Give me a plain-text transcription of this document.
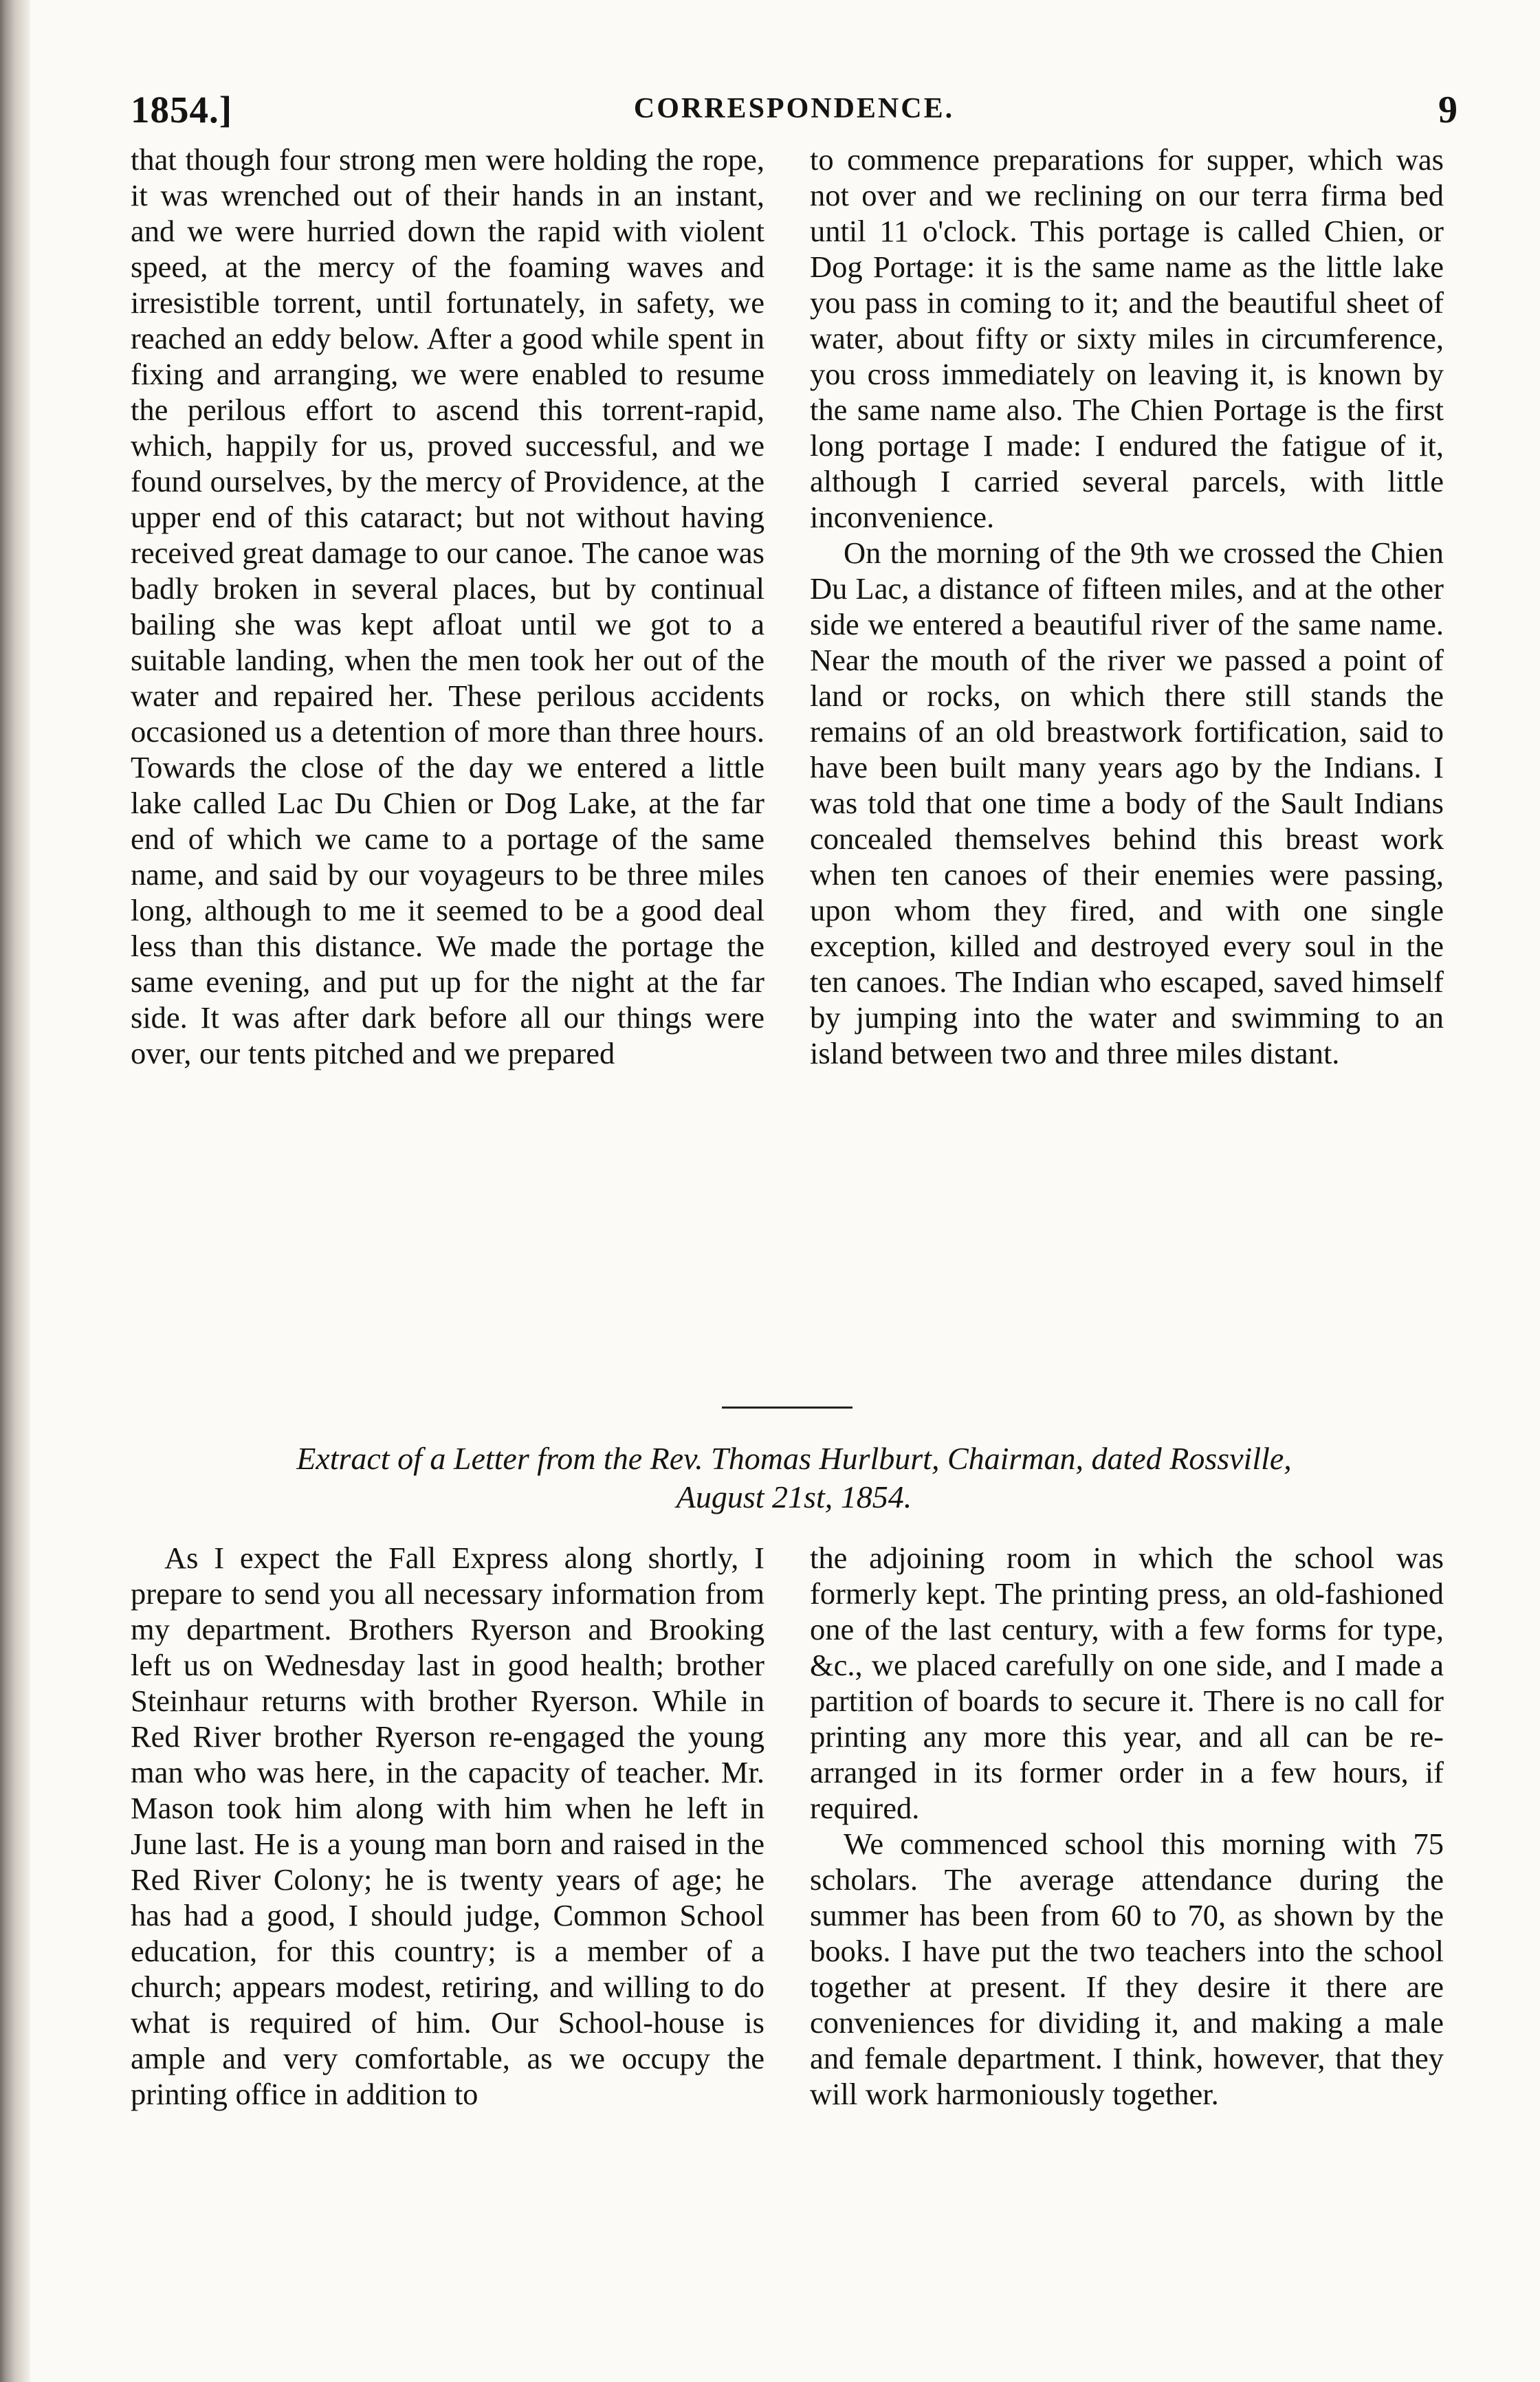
1854.]	CORRESPONDENCE.	9

that though four strong men were holding the rope, it was wrenched out of their hands in an instant, and we were hurried down the rapid with violent speed, at the mercy of the foaming waves and irresistible torrent, until fortunately, in safety, we reached an eddy below. After a good while spent in fixing and arranging, we were enabled to resume the perilous effort to ascend this torrent-rapid, which, happily for us, proved successful, and we found ourselves, by the mercy of Providence, at the upper end of this cataract; but not without having received great damage to our canoe. The canoe was badly broken in several places, but by continual bailing she was kept afloat until we got to a suitable landing, when the men took her out of the water and repaired her. These perilous accidents occasioned us a detention of more than three hours. Towards the close of the day we entered a little lake called Lac Du Chien or Dog Lake, at the far end of which we came to a portage of the same name, and said by our voyageurs to be three miles long, although to me it seemed to be a good deal less than this distance. We made the portage the same evening, and put up for the night at the far side. It was after dark before all our things were over, our tents pitched and we prepared

to commence preparations for supper, which was not over and we reclining on our terra firma bed until 11 o'clock. This portage is called Chien, or Dog Portage: it is the same name as the little lake you pass in coming to it; and the beautiful sheet of water, about fifty or sixty miles in circumference, you cross immediately on leaving it, is known by the same name also. The Chien Portage is the first long portage I made: I endured the fatigue of it, although I carried several parcels, with little inconvenience.

On the morning of the 9th we crossed the Chien Du Lac, a distance of fifteen miles, and at the other side we entered a beautiful river of the same name. Near the mouth of the river we passed a point of land or rocks, on which there still stands the remains of an old breastwork fortification, said to have been built many years ago by the Indians. I was told that one time a body of the Sault Indians concealed themselves behind this breast work when ten canoes of their enemies were passing, upon whom they fired, and with one single exception, killed and destroyed every soul in the ten canoes. The Indian who escaped, saved himself by jumping into the water and swimming to an island between two and three miles distant.

Extract of a Letter from the Rev. Thomas Hurlburt, Chairman, dated Rossville,
August 21st, 1854.

As I expect the Fall Express along shortly, I prepare to send you all necessary information from my department. Brothers Ryerson and Brooking left us on Wednesday last in good health; brother Steinhaur returns with brother Ryerson. While in Red River brother Ryerson re-engaged the young man who was here, in the capacity of teacher. Mr. Mason took him along with him when he left in June last. He is a young man born and raised in the Red River Colony; he is twenty years of age; he has had a good, I should judge, Common School education, for this country; is a member of a church; appears modest, retiring, and willing to do what is required of him. Our School-house is ample and very comfortable, as we occupy the printing office in addition to

the adjoining room in which the school was formerly kept. The printing press, an old-fashioned one of the last century, with a few forms for type, &c., we placed carefully on one side, and I made a partition of boards to secure it. There is no call for printing any more this year, and all can be re-arranged in its former order in a few hours, if required.

We commenced school this morning with 75 scholars. The average attendance during the summer has been from 60 to 70, as shown by the books. I have put the two teachers into the school together at present. If they desire it there are conveniences for dividing it, and making a male and female department. I think, however, that they will work harmoniously together.
